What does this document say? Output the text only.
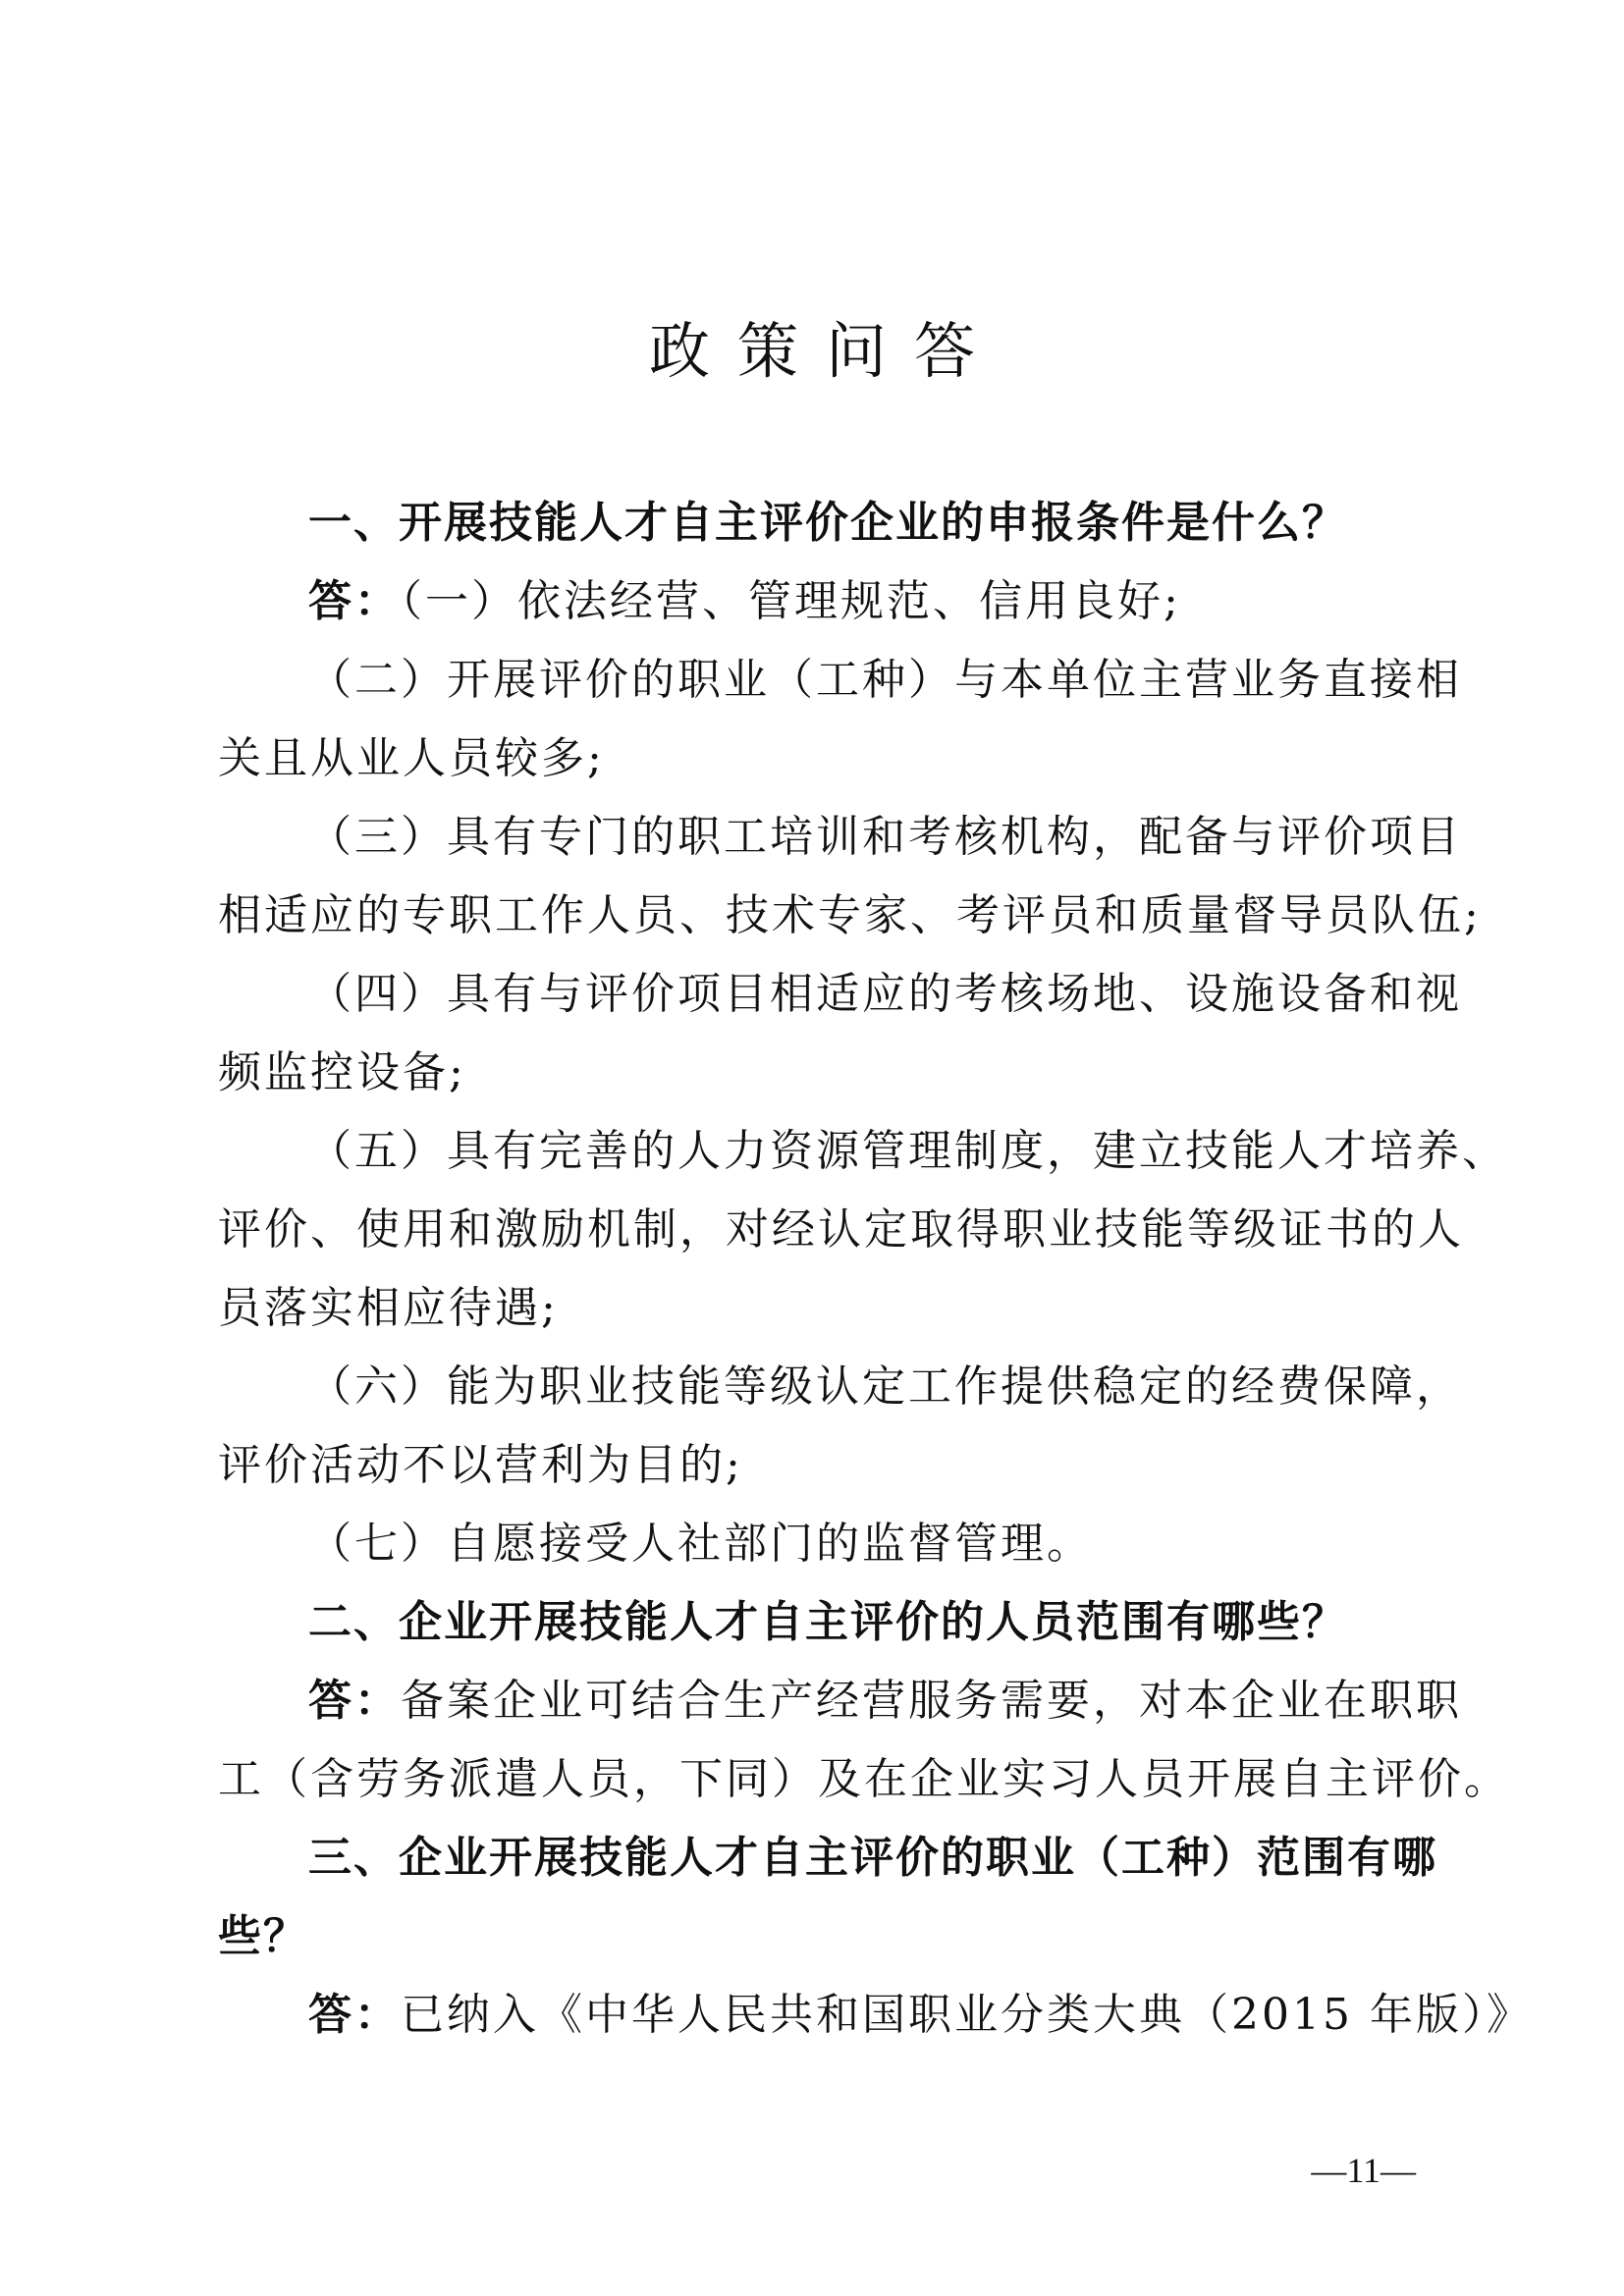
政策问答
一、开展技能人才自主评价企业的申报条件是什么？
答：（一）依法经营、管理规范、信用良好;
（二）开展评价的职业（工种）与本单位主营业务直接相
关且从业人员较多;
（三）具有专门的职工培训和考核机构，配备与评价项目
相适应的专职工作人员、技术专家、考评员和质量督导员队伍;
（四）具有与评价项目相适应的考核场地、设施设备和视
频监控设备;
（五）具有完善的人力资源管理制度，建立技能人才培养、
评价、使用和激励机制，对经认定取得职业技能等级证书的人
员落实相应待遇;
（六）能为职业技能等级认定工作提供稳定的经费保障，
评价活动不以营利为目的;
（七）自愿接受人社部门的监督管理。
二、企业开展技能人才自主评价的人员范围有哪些？
答：备案企业可结合生产经营服务需要，对本企业在职职
工（含劳务派遣人员，下同）及在企业实习人员开展自主评价。
三、企业开展技能人才自主评价的职业（工种）范围有哪
些？
答：已纳入《中华人民共和国职业分类大典（2015 年版）》
—11—
